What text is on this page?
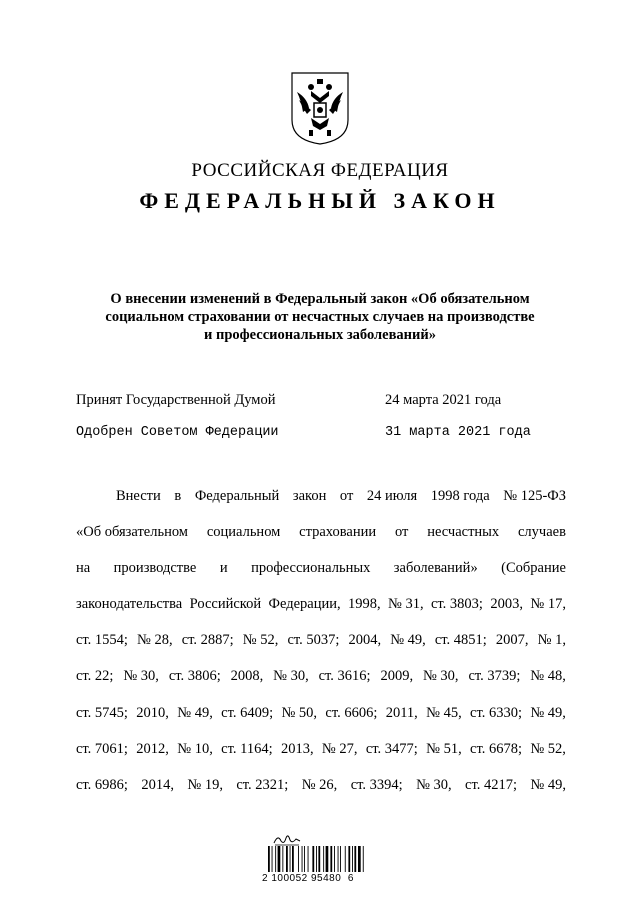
РОССИЙСКАЯ ФЕДЕРАЦИЯ
ФЕДЕРАЛЬНЫЙ ЗАКОН
О внесении изменений в Федеральный закон «Об обязательном
социальном страховании от несчастных случаев на производстве
и профессиональных заболеваний»
Принят Государственной Думой	24 марта 2021 года
Одобрен Советом Федерации	31 марта 2021 года
Внести в Федеральный закон от 24 июля 1998 года № 125-ФЗ
«Об обязательном социальном страховании от несчастных случаев
на производстве и профессиональных заболеваний» (Собрание
законодательства Российской Федерации, 1998, № 31, ст. 3803; 2003, № 17,
ст. 1554; № 28, ст. 2887; № 52, ст. 5037; 2004, № 49, ст. 4851; 2007, № 1,
ст. 22; № 30, ст. 3806; 2008, № 30, ст. 3616; 2009, № 30, ст. 3739; № 48,
ст. 5745; 2010, № 49, ст. 6409; № 50, ст. 6606; 2011, № 45, ст. 6330; № 49,
ст. 7061; 2012, № 10, ст. 1164; 2013, № 27, ст. 3477; № 51, ст. 6678; № 52,
ст. 6986; 2014, № 19, ст. 2321; № 26, ст. 3394; № 30, ст. 4217; № 49,
2 100052 95480  6
